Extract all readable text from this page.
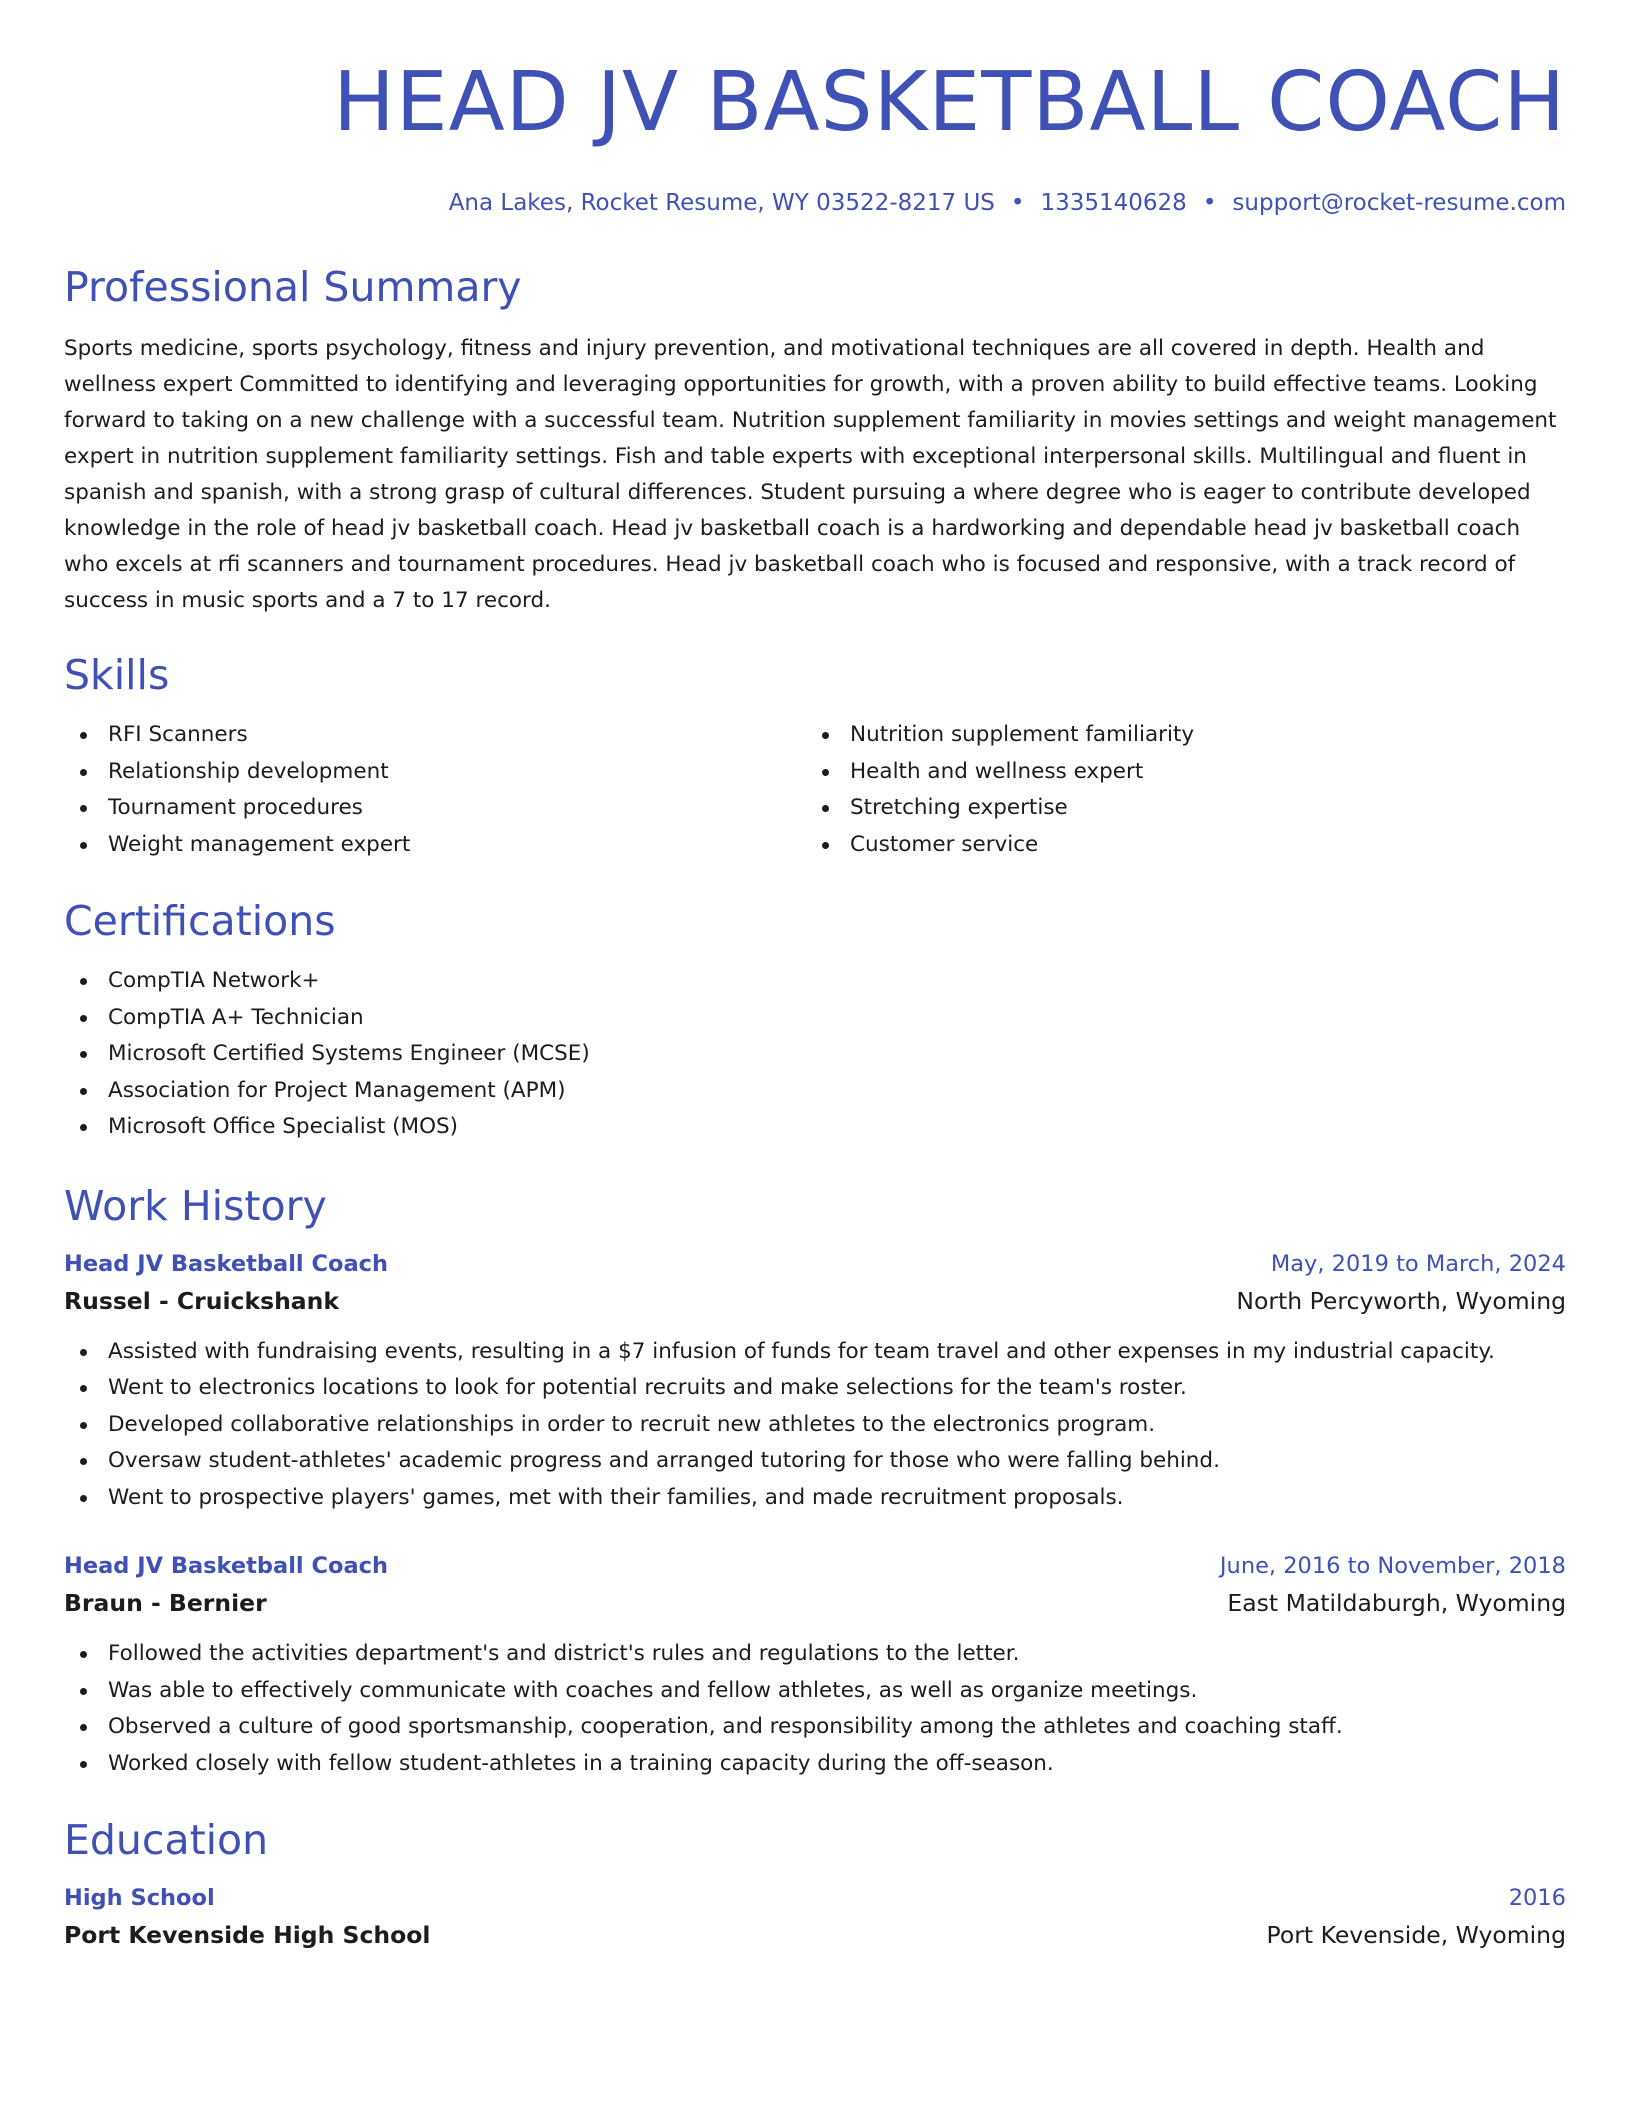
HEAD JV BASKETBALL COACH
Ana Lakes, Rocket Resume, WY 03522-8217 US • 1335140628 • support@rocket-resume.com
Professional Summary

Sports medicine, sports psychology, fitness and injury prevention, and motivational techniques are all covered in depth. Health and wellness expert Committed to identifying and leveraging opportunities for growth, with a proven ability to build effective teams. Looking forward to taking on a new challenge with a successful team. Nutrition supplement familiarity in movies settings and weight management expert in nutrition supplement familiarity settings. Fish and table experts with exceptional interpersonal skills. Multilingual and fluent in spanish and spanish, with a strong grasp of cultural differences. Student pursuing a where degree who is eager to contribute developed knowledge in the role of head jv basketball coach. Head jv basketball coach is a hardworking and dependable head jv basketball coach who excels at rfi scanners and tournament procedures. Head jv basketball coach who is focused and responsive, with a track record of success in music sports and a 7 to 17 record.

Skills
RFI Scanners
Relationship development
Tournament procedures
Weight management expert
Nutrition supplement familiarity
Health and wellness expert
Stretching expertise
Customer service
Certifications
CompTIA Network+
CompTIA A+ Technician
Microsoft Certified Systems Engineer (MCSE)
Association for Project Management (APM)
Microsoft Office Specialist (MOS)
Work History
Head JV Basketball Coach	May, 2019 to March, 2024
Russel - Cruickshank	North Percyworth, Wyoming
Assisted with fundraising events, resulting in a $7 infusion of funds for team travel and other expenses in my industrial capacity.
Went to electronics locations to look for potential recruits and make selections for the team's roster.
Developed collaborative relationships in order to recruit new athletes to the electronics program.
Oversaw student-athletes' academic progress and arranged tutoring for those who were falling behind.
Went to prospective players' games, met with their families, and made recruitment proposals.
Head JV Basketball Coach	June, 2016 to November, 2018
Braun - Bernier	East Matildaburgh, Wyoming
Followed the activities department's and district's rules and regulations to the letter.
Was able to effectively communicate with coaches and fellow athletes, as well as organize meetings.
Observed a culture of good sportsmanship, cooperation, and responsibility among the athletes and coaching staff.
Worked closely with fellow student-athletes in a training capacity during the off-season.
Education
High School	2016
Port Kevenside High School	Port Kevenside, Wyoming
